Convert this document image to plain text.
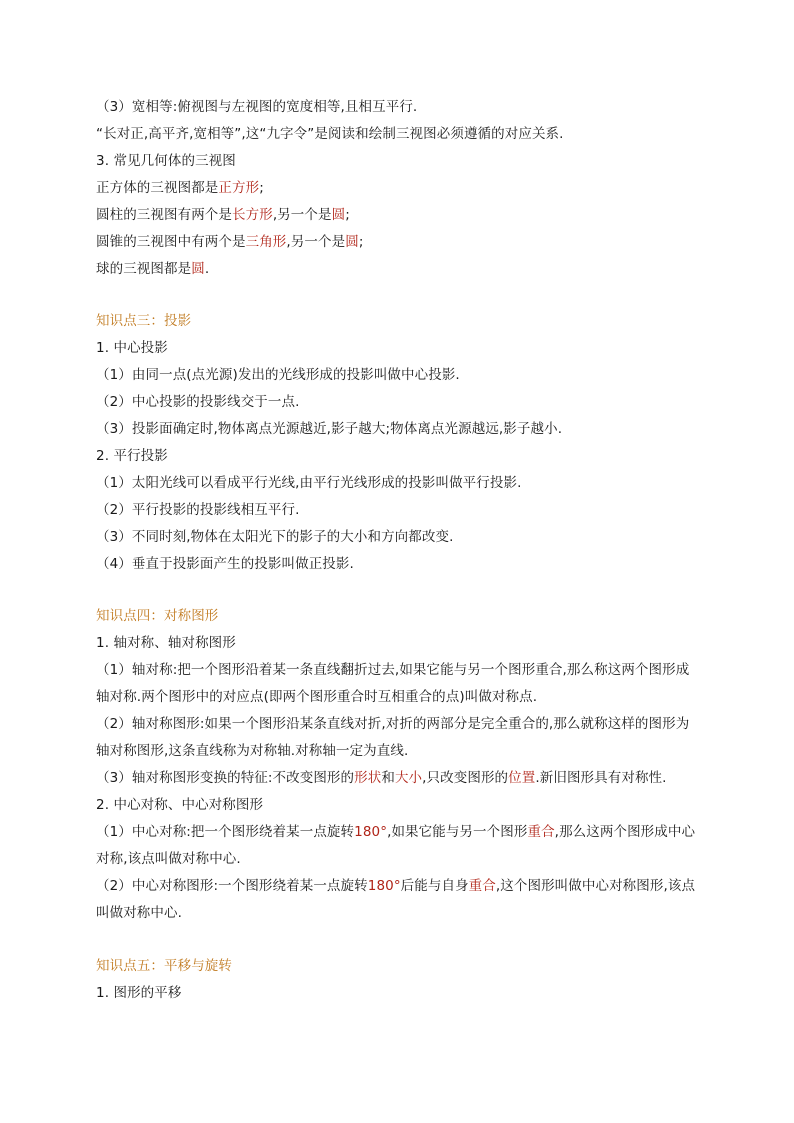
（3）宽相等:俯视图与左视图的宽度相等,且相互平行.
“长对正,高平齐,宽相等”,这“九字令”是阅读和绘制三视图必须遵循的对应关系.
3. 常见几何体的三视图
正方体的三视图都是正方形;
圆柱的三视图有两个是长方形,另一个是圆;
圆锥的三视图中有两个是三角形,另一个是圆;
球的三视图都是圆.
知识点三：投影
1. 中心投影
（1）由同一点(点光源)发出的光线形成的投影叫做中心投影.
（2）中心投影的投影线交于一点.
（3）投影面确定时,物体离点光源越近,影子越大;物体离点光源越远,影子越小.
2. 平行投影
（1）太阳光线可以看成平行光线,由平行光线形成的投影叫做平行投影.
（2）平行投影的投影线相互平行.
（3）不同时刻,物体在太阳光下的影子的大小和方向都改变.
（4）垂直于投影面产生的投影叫做正投影.
知识点四：对称图形
1. 轴对称、轴对称图形
（1）轴对称:把一个图形沿着某一条直线翻折过去,如果它能与另一个图形重合,那么称这两个图形成
轴对称.两个图形中的对应点(即两个图形重合时互相重合的点)叫做对称点.
（2）轴对称图形:如果一个图形沿某条直线对折,对折的两部分是完全重合的,那么就称这样的图形为
轴对称图形,这条直线称为对称轴.对称轴一定为直线.
（3）轴对称图形变换的特征:不改变图形的形状和大小,只改变图形的位置.新旧图形具有对称性.
2. 中心对称、中心对称图形
（1）中心对称:把一个图形绕着某一点旋转180°,如果它能与另一个图形重合,那么这两个图形成中心
对称,该点叫做对称中心.
（2）中心对称图形:一个图形绕着某一点旋转180°后能与自身重合,这个图形叫做中心对称图形,该点
叫做对称中心.
知识点五：平移与旋转
1. 图形的平移
